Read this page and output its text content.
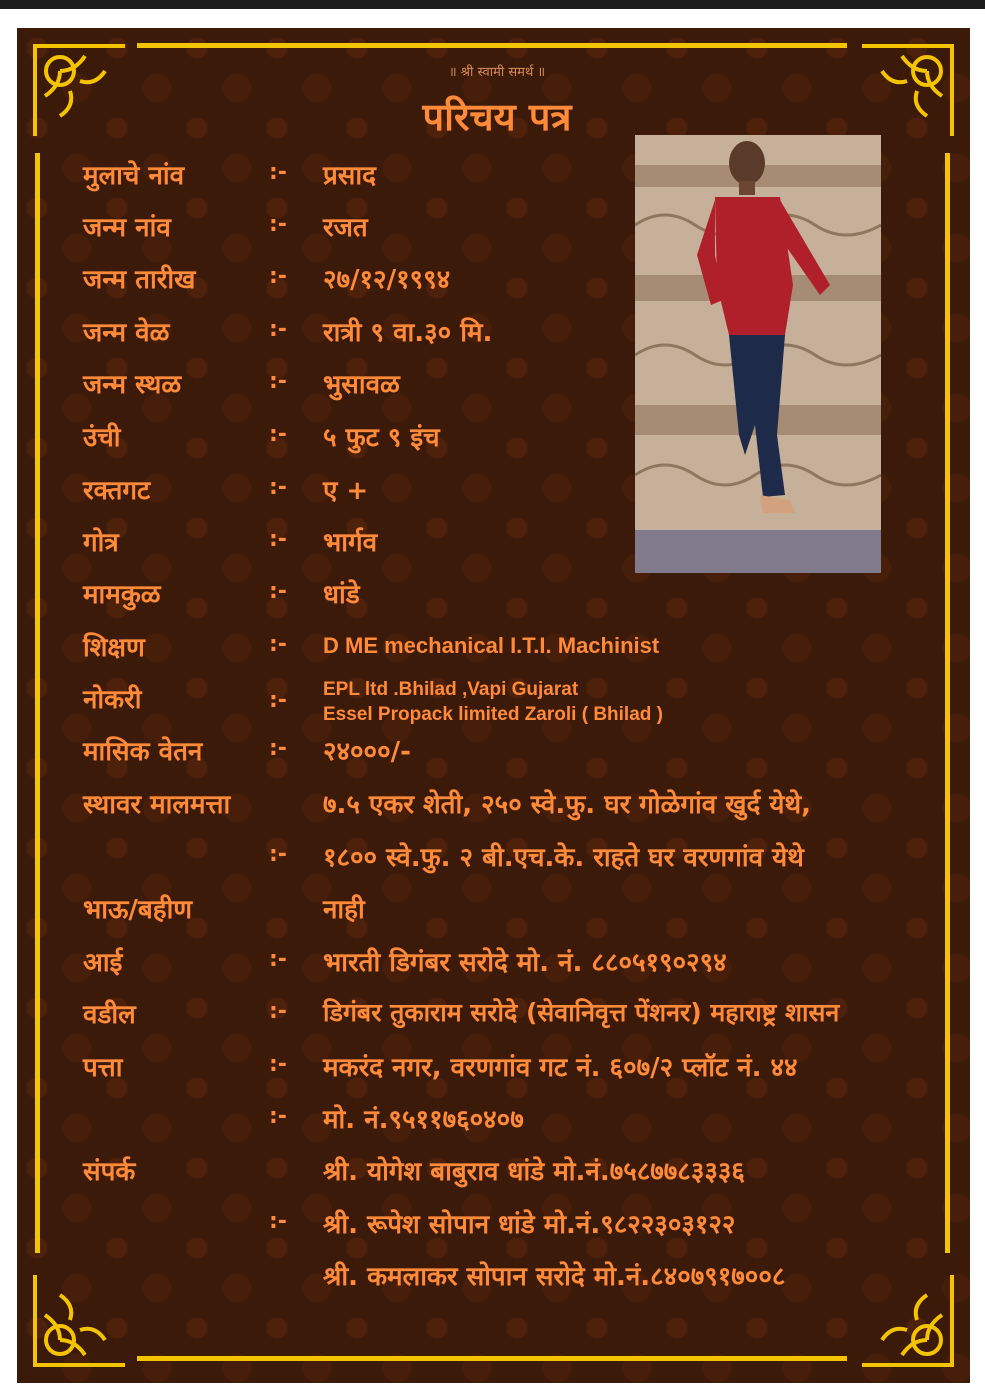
॥ श्री स्वामी समर्थ ॥
परिचय पत्र
मुलाचे नांव	:- प्रसाद
जन्म नांव	:- रजत
जन्म तारीख	:- २७/१२/१९९४
जन्म वेळ	:- रात्री ९ वा.३० मि.
जन्म स्थळ	:- भुसावळ
उंची	:- ५ फुट ९ इंच
रक्तगट	:- ए +
गोत्र	:- भार्गव
मामकुळ	:- धांडे
शिक्षण	:- D ME mechanical I.T.I. Machinist
नोकरी	:- EPL ltd .Bhilad ,Vapi Gujarat
Essel Propack limited Zaroli ( Bhilad )
मासिक वेतन	:- २४०००/-
स्थावर मालमत्ता	७.५ एकर शेती, २५० स्वे.फु. घर गोळेगांव खुर्द येथे,
:- १८०० स्वे.फु. २ बी.एच.के. राहते घर वरणगांव येथे
भाऊ/बहीण	नाही
आई	:- भारती डिगंबर सरोदे मो. नं. ८८०५१९०२९४
वडील	:- डिगंबर तुकाराम सरोदे (सेवानिवृत्त पेंशनर) महाराष्ट्र शासन
पत्ता	:- मकरंद नगर, वरणगांव गट नं. ६०७/२ प्लॉट नं. ४४
:- मो. नं.९५११७६०४०७
संपर्क	श्री. योगेश बाबुराव धांडे मो.नं.७५८७७८३३३६
:- श्री. रूपेश सोपान धांडे मो.नं.९८२२३०३१२२
श्री. कमलाकर सोपान सरोदे मो.नं.८४०७९१७००८
